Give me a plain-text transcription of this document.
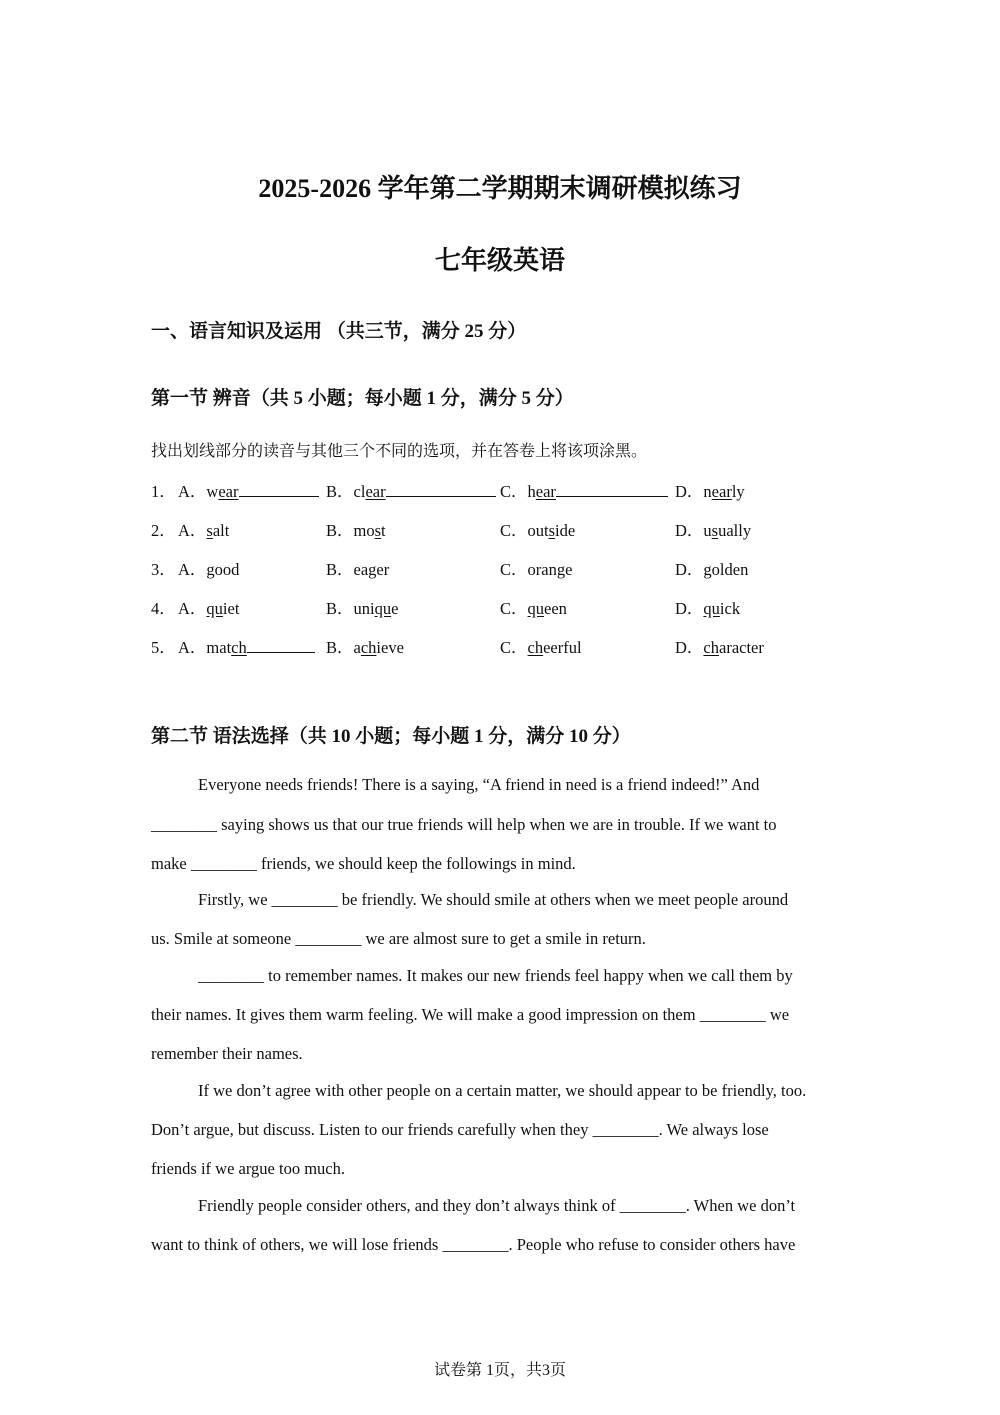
2025-2026 学年第二学期期末调研模拟练习
七年级英语
一、语言知识及运用 （共三节，满分 25 分）
第一节 辨音（共 5 小题；每小题 1 分，满分 5 分）
找出划线部分的读音与其他三个不同的选项，并在答卷上将该项涂黑。
1． A．wear	B．clear	C．hear	D．nearly
2． A．salt	B．most	C．outside	D．usually
3． A．good	B．eager	C．orange	D．golden
4． A．quiet	B．unique	C．queen	D．quick
5． A．match	B．achieve	C．cheerful	D．character
第二节 语法选择（共 10 小题；每小题 1 分，满分 10 分）
Everyone needs friends! There is a saying, “A friend in need is a friend indeed!” And
________ saying shows us that our true friends will help when we are in trouble. If we want to
make ________ friends, we should keep the followings in mind.
Firstly, we ________ be friendly. We should smile at others when we meet people around
us. Smile at someone ________ we are almost sure to get a smile in return.
________ to remember names. It makes our new friends feel happy when we call them by
their names. It gives them warm feeling. We will make a good impression on them ________ we
remember their names.
If we don’t agree with other people on a certain matter, we should appear to be friendly, too.
Don’t argue, but discuss. Listen to our friends carefully when they ________. We always lose
friends if we argue too much.
Friendly people consider others, and they don’t always think of ________. When we don’t
want to think of others, we will lose friends ________. People who refuse to consider others have
试卷第 1页，共3页
